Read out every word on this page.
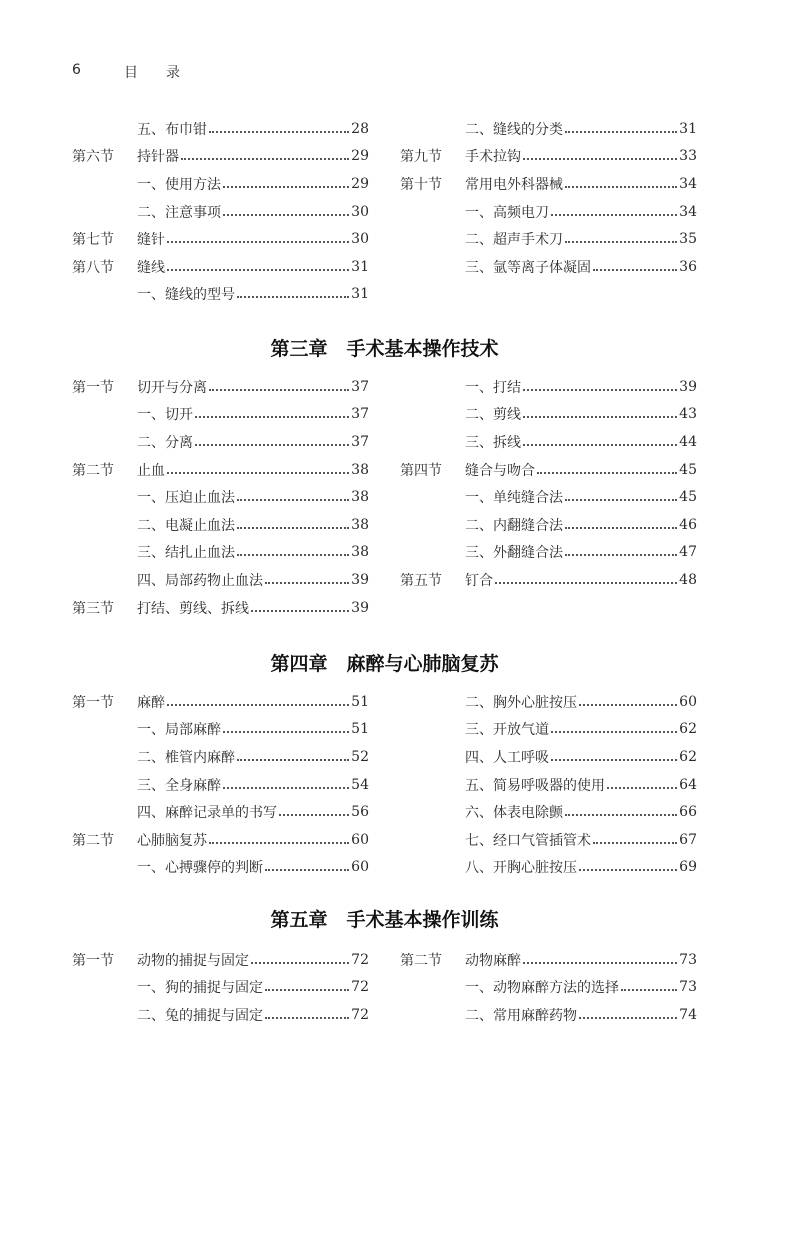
6	目　　录
五、布巾钳	28
第六节	持针器	29
一、使用方法	29
二、注意事项	30
第七节	缝针	30
第八节	缝线	31
一、缝线的型号	31
二、缝线的分类	31
第九节	手术拉钩	33
第十节	常用电外科器械	34
一、高频电刀	34
二、超声手术刀	35
三、氩等离子体凝固	36
第三章　手术基本操作技术
第一节	切开与分离	37
一、切开	37
二、分离	37
第二节	止血	38
一、压迫止血法	38
二、电凝止血法	38
三、结扎止血法	38
四、局部药物止血法	39
第三节	打结、剪线、拆线	39
一、打结	39
二、剪线	43
三、拆线	44
第四节	缝合与吻合	45
一、单纯缝合法	45
二、内翻缝合法	46
三、外翻缝合法	47
第五节	钉合	48
第四章　麻醉与心肺脑复苏
第一节	麻醉	51
一、局部麻醉	51
二、椎管内麻醉	52
三、全身麻醉	54
四、麻醉记录单的书写	56
第二节	心肺脑复苏	60
一、心搏骤停的判断	60
二、胸外心脏按压	60
三、开放气道	62
四、人工呼吸	62
五、简易呼吸器的使用	64
六、体表电除颤	66
七、经口气管插管术	67
八、开胸心脏按压	69
第五章　手术基本操作训练
第一节	动物的捕捉与固定	72
一、狗的捕捉与固定	72
二、兔的捕捉与固定	72
第二节	动物麻醉	73
一、动物麻醉方法的选择	73
二、常用麻醉药物	74
